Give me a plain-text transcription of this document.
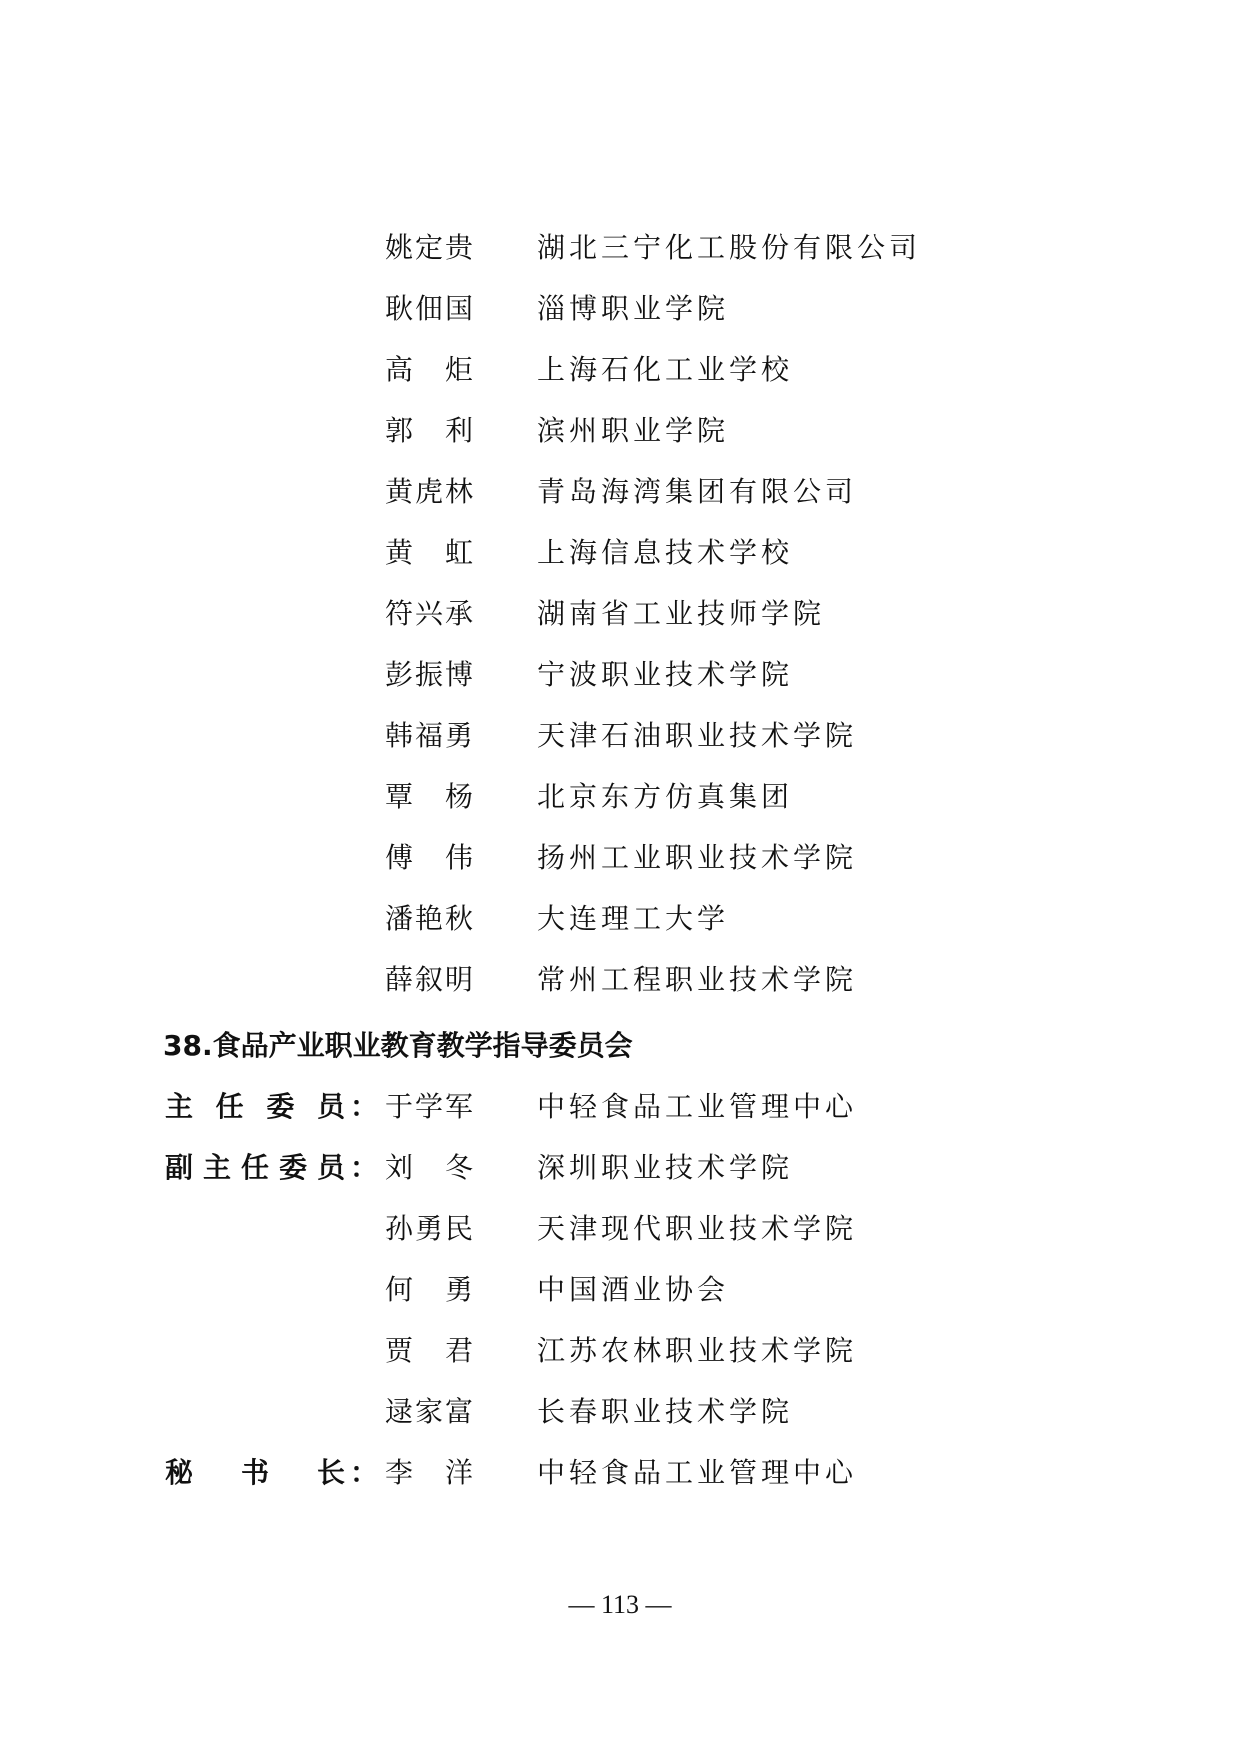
姚 定 贵 湖北三宁化工股份有限公司
耿 佃 国 淄博职业学院
高
　 炬 上海石化工业学校
郭
　 利 滨州职业学院
黄 虎 林 青岛海湾集团有限公司
黄
　 虹 上海信息技术学校
符 兴 承 湖南省工业技师学院
彭 振 博 宁波职业技术学院
韩 福 勇 天津石油职业技术学院
覃
　 杨 北京东方仿真集团
傅
　 伟 扬州工业职业技术学院
潘 艳 秋 大连理工大学
薛 叙 明 常州工程职业技术学院
38.食品产业职业教育教学指导委员会
主 任 委 员 ： 于 学 军 中轻食品工业管理中心
副 主 任 委 员 ： 刘
　 冬 深圳职业技术学院
孙 勇 民 天津现代职业技术学院
何
　 勇 中国酒业协会
贾
　 君 江苏农林职业技术学院
逯 家 富 长春职业技术学院
秘 书 长 ： 李
　 洋 中轻食品工业管理中心
— 113 —
